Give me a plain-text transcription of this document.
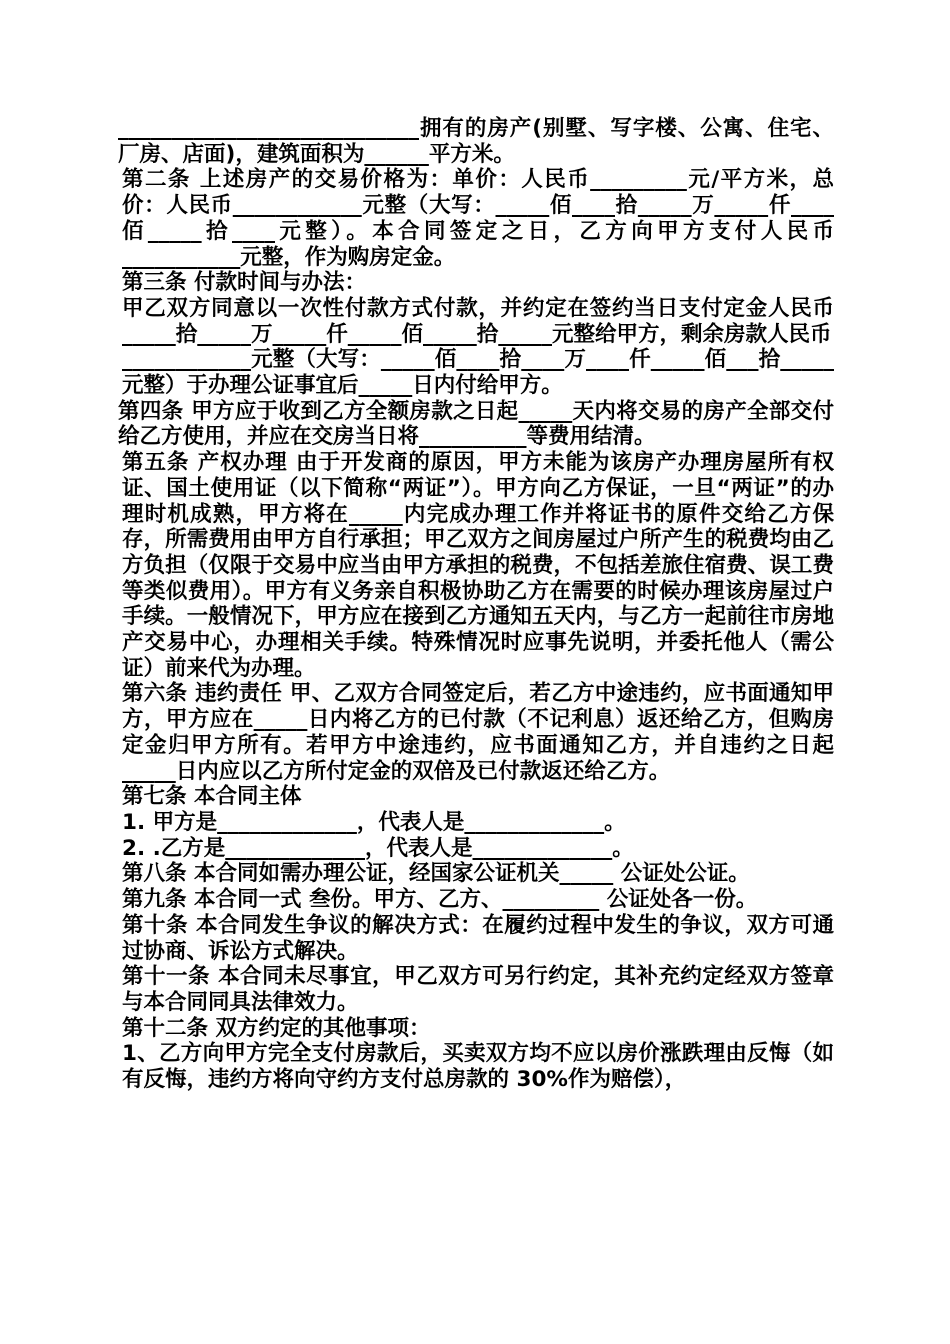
____________________________拥有的房产(别墅、写字楼、公寓、住宅、厂房、店面)，建筑面积为______平方米。

第二条 上述房产的交易价格为：单价：人民币_________元/平方米，总价：人民币____________元整（大写：_____佰____拾_____万_____仟____佰_____拾____元整）。本合同签定之日，乙方向甲方支付人民币 ___________元整，作为购房定金。

第三条 付款时间与办法：

甲乙双方同意以一次性付款方式付款，并约定在签约当日支付定金人民币_____拾_____万_____仟_____佰_____拾_____元整给甲方，剩余房款人民币

____________元整（大写：_____佰____拾____万____仟_____佰___拾_____元整）于办理公证事宜后_____日内付给甲方。

第四条 甲方应于收到乙方全额房款之日起_____天内将交易的房产全部交付给乙方使用，并应在交房当日将__________等费用结清。

第五条 产权办理 由于开发商的原因，甲方未能为该房产办理房屋所有权证、国土使用证（以下简称“两证”）。甲方向乙方保证，一旦“两证”的办理时机成熟，甲方将在_____内完成办理工作并将证书的原件交给乙方保存，所需费用由甲方自行承担；甲乙双方之间房屋过户所产生的税费均由乙方负担（仅限于交易中应当由甲方承担的税费，不包括差旅住宿费、误工费等类似费用）。甲方有义务亲自积极协助乙方在需要的时候办理该房屋过户手续。一般情况下，甲方应在接到乙方通知五天内，与乙方一起前往市房地产交易中心，办理相关手续。特殊情况时应事先说明，并委托他人（需公证）前来代为办理。

第六条 违约责任 甲、乙双方合同签定后，若乙方中途违约，应书面通知甲方，甲方应在_____日内将乙方的已付款（不记利息）返还给乙方，但购房定金归甲方所有。若甲方中途违约，应书面通知乙方，并自违约之日起_____日内应以乙方所付定金的双倍及已付款返还给乙方。

第七条 本合同主体

1. 甲方是_____________，代表人是_____________。

2. .乙方是_____________，代表人是_____________。

第八条 本合同如需办理公证，经国家公证机关_____ 公证处公证。

第九条 本合同一式 叁份。甲方、乙方、_________ 公证处各一份。

第十条 本合同发生争议的解决方式：在履约过程中发生的争议，双方可通过协商、诉讼方式解决。

第十一条 本合同未尽事宜，甲乙双方可另行约定，其补充约定经双方签章与本合同同具法律效力。

第十二条 双方约定的其他事项：

1、乙方向甲方完全支付房款后，买卖双方均不应以房价涨跌理由反悔（如有反悔，违约方将向守约方支付总房款的 30%作为赔偿），
